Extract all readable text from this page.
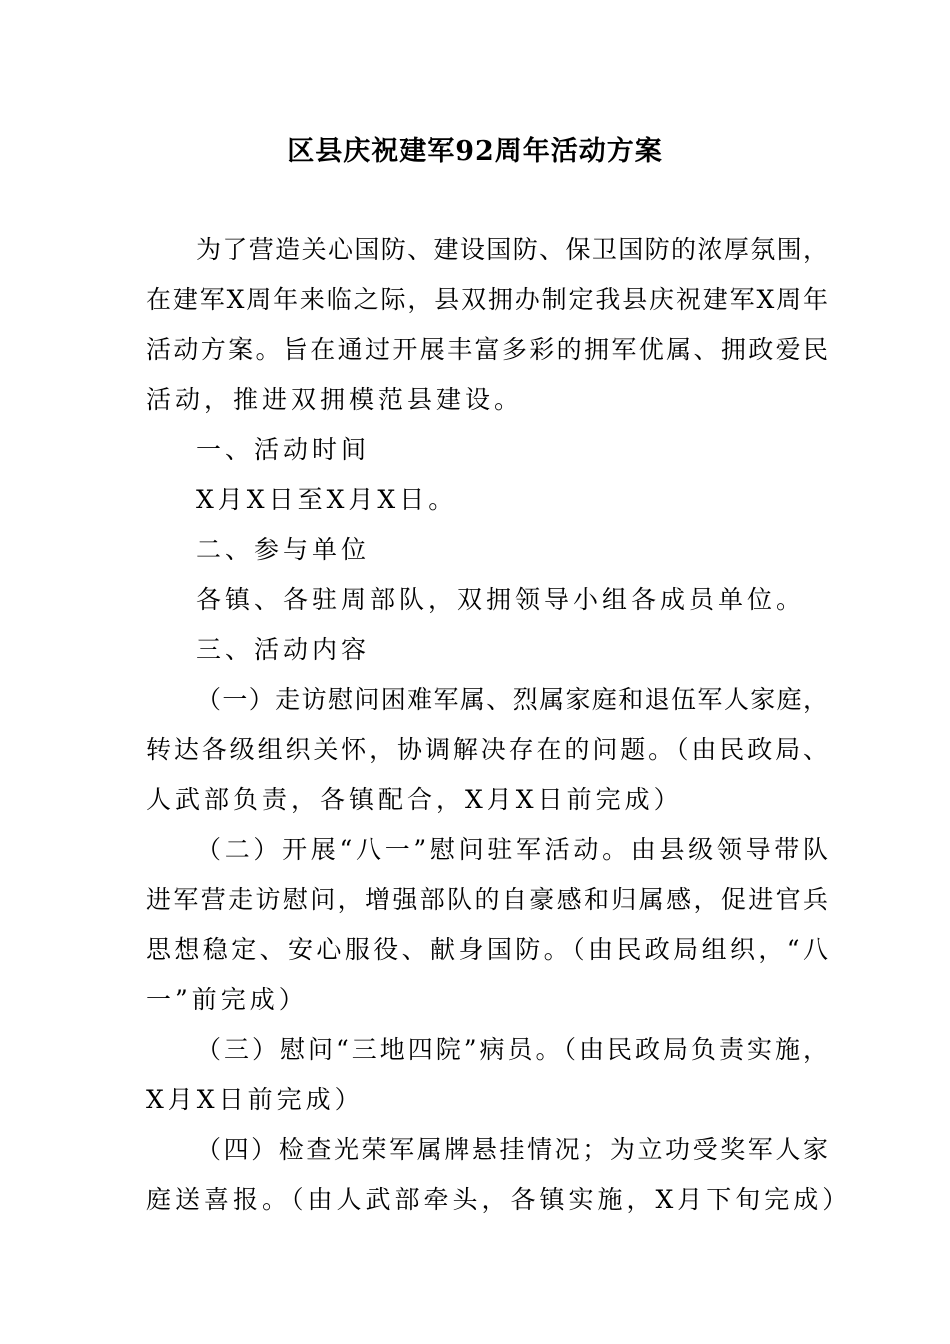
区县庆祝建军92周年活动方案
为了营造关心国防、建设国防、保卫国防的浓厚氛围，
在建军X周年来临之际，县双拥办制定我县庆祝建军X周年
活动方案。旨在通过开展丰富多彩的拥军优属、拥政爱民
活动，推进双拥模范县建设。
一、活动时间
X月X日至X月X日。
二、参与单位
各镇、各驻周部队，双拥领导小组各成员单位。
三、活动内容
（一）走访慰问困难军属、烈属家庭和退伍军人家庭，
转达各级组织关怀，协调解决存在的问题。（由民政局、
人武部负责，各镇配合，X月X日前完成）
（二）开展“八一”慰问驻军活动。由县级领导带队
进军营走访慰问，增强部队的自豪感和归属感，促进官兵
思想稳定、安心服役、献身国防。（由民政局组织，“八
一”前完成）
（三）慰问“三地四院”病员。（由民政局负责实施，
X月X日前完成）
（四）检查光荣军属牌悬挂情况；为立功受奖军人家
庭送喜报。（由人武部牵头，各镇实施，X月下旬完成）
